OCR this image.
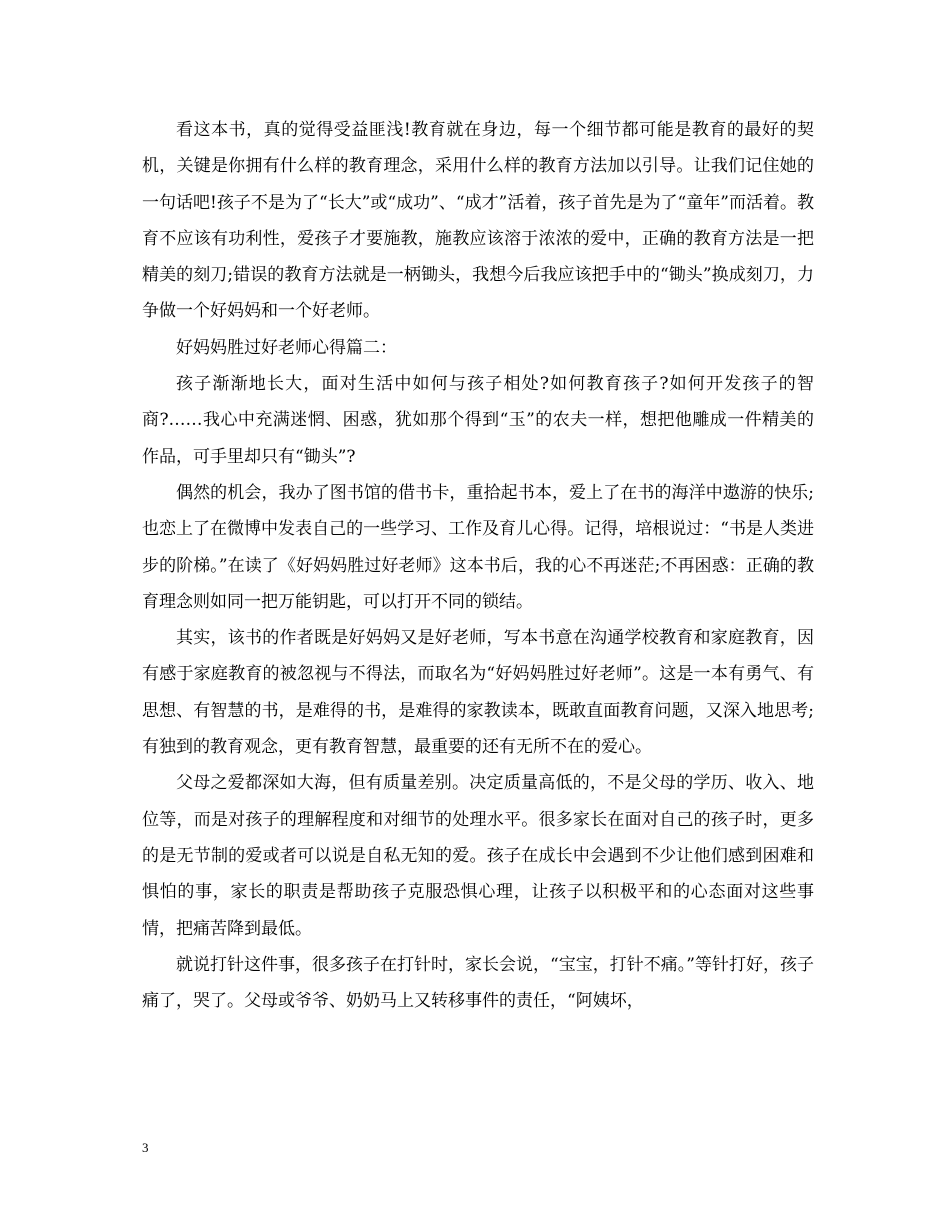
看这本书，真的觉得受益匪浅!教育就在身边，每一个细节都可能是教育的最好的契机，关键是你拥有什么样的教育理念，采用什么样的教育方法加以引导。让我们记住她的一句话吧!孩子不是为了“长大”或“成功”、“成才”活着，孩子首先是为了“童年”而活着。教育不应该有功利性，爱孩子才要施教，施教应该溶于浓浓的爱中，正确的教育方法是一把精美的刻刀;错误的教育方法就是一柄锄头，我想今后我应该把手中的“锄头”换成刻刀，力争做一个好妈妈和一个好老师。

好妈妈胜过好老师心得篇二：

孩子渐渐地长大，面对生活中如何与孩子相处?如何教育孩子?如何开发孩子的智商?……我心中充满迷惘、困惑，犹如那个得到“玉”的农夫一样，想把他雕成一件精美的作品，可手里却只有“锄头”?

偶然的机会，我办了图书馆的借书卡，重拾起书本，爱上了在书的海洋中遨游的快乐;也恋上了在微博中发表自己的一些学习、工作及育儿心得。记得，培根说过：“书是人类进步的阶梯。”在读了《好妈妈胜过好老师》这本书后，我的心不再迷茫;不再困惑：正确的教育理念则如同一把万能钥匙，可以打开不同的锁结。

其实，该书的作者既是好妈妈又是好老师，写本书意在沟通学校教育和家庭教育，因有感于家庭教育的被忽视与不得法，而取名为“好妈妈胜过好老师”。这是一本有勇气、有思想、有智慧的书，是难得的书，是难得的家教读本，既敢直面教育问题，又深入地思考;有独到的教育观念，更有教育智慧，最重要的还有无所不在的爱心。

父母之爱都深如大海，但有质量差别。决定质量高低的，不是父母的学历、收入、地位等，而是对孩子的理解程度和对细节的处理水平。很多家长在面对自己的孩子时，更多的是无节制的爱或者可以说是自私无知的爱。孩子在成长中会遇到不少让他们感到困难和惧怕的事，家长的职责是帮助孩子克服恐惧心理，让孩子以积极平和的心态面对这些事情，把痛苦降到最低。

就说打针这件事，很多孩子在打针时，家长会说，“宝宝，打针不痛。”等针打好，孩子痛了，哭了。父母或爷爷、奶奶马上又转移事件的责任，“阿姨坏，

3
